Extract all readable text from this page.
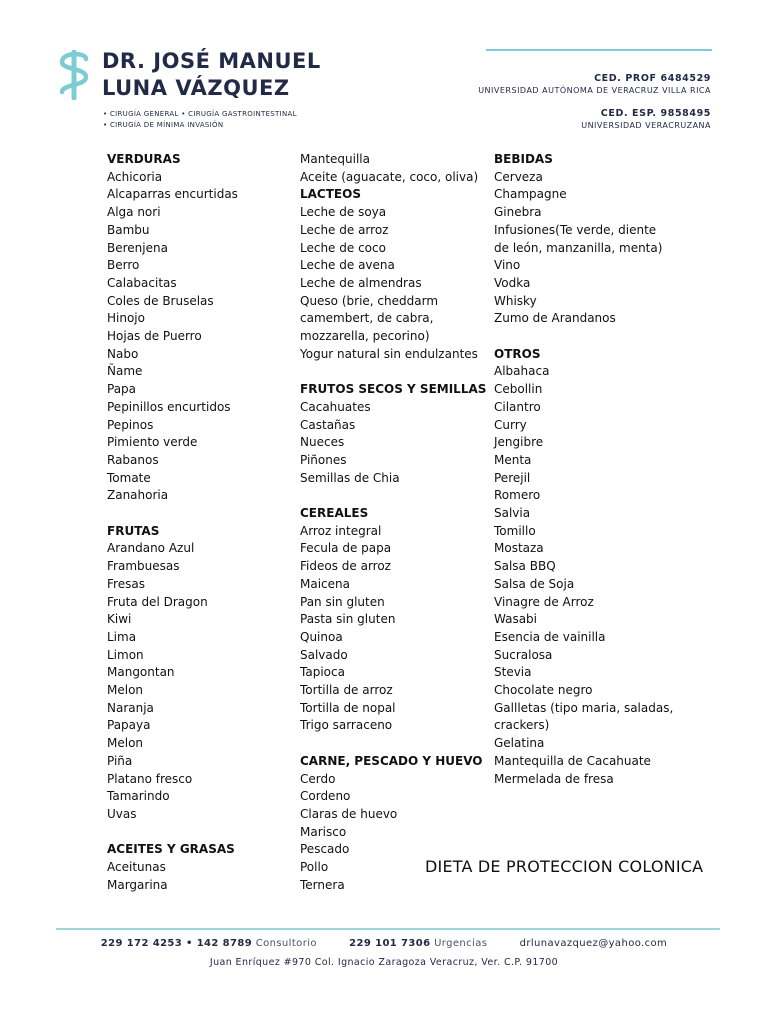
DR. JOSÉ MANUEL
LUNA VÁZQUEZ
• CIRUGÍA GENERAL • CIRUGÍA GASTROINTESTINAL
• CIRUGÍA DE MÍNIMA INVASIÓN
CED. PROF 6484529
UNIVERSIDAD AUTÓNOMA DE VERACRUZ VILLA RICA
CED. ESP. 9858495
UNIVERSIDAD VERACRUZANA
VERDURAS
Achicoria
Alcaparras encurtidas
Alga nori
Bambu
Berenjena
Berro
Calabacitas
Coles de Bruselas
Hinojo
Hojas de Puerro
Nabo
Ñame
Papa
Pepinillos encurtidos
Pepinos
Pimiento verde
Rabanos
Tomate
Zanahoria
FRUTAS
Arandano Azul
Frambuesas
Fresas
Fruta del Dragon
Kiwi
Lima
Limon
Mangontan
Melon
Naranja
Papaya
Melon
Piña
Platano fresco
Tamarindo
Uvas
ACEITES Y GRASAS
Aceitunas
Margarina
Mantequilla
Aceite (aguacate, coco, oliva)
LACTEOS
Leche de soya
Leche de arroz
Leche de coco
Leche de avena
Leche de almendras
Queso (brie, cheddarm
camembert, de cabra,
mozzarella, pecorino)
Yogur natural sin endulzantes
FRUTOS SECOS Y SEMILLAS
Cacahuates
Castañas
Nueces
Piñones
Semillas de Chia
CEREALES
Arroz integral
Fecula de papa
Fideos de arroz
Maicena
Pan sin gluten
Pasta sin gluten
Quinoa
Salvado
Tapioca
Tortilla de arroz
Tortilla de nopal
Trigo sarraceno
CARNE, PESCADO Y HUEVO
Cerdo
Cordeno
Claras de huevo
Marisco
Pescado
Pollo
Ternera
BEBIDAS
Cerveza
Champagne
Ginebra
Infusiones(Te verde, diente
de león, manzanilla, menta)
Vino
Vodka
Whisky
Zumo de Arandanos
OTROS
Albahaca
Cebollin
Cilantro
Curry
Jengibre
Menta
Perejil
Romero
Salvia
Tomillo
Mostaza
Salsa BBQ
Salsa de Soja
Vinagre de Arroz
Wasabi
Esencia de vainilla
Sucralosa
Stevia
Chocolate negro
Gallletas (tipo maria, saladas,
crackers)
Gelatina
Mantequilla de Cacahuate
Mermelada de fresa
DIETA DE PROTECCION COLONICA
229 172 4253 • 142 8789 Consultorio	229 101 7306 Urgencias	drlunavazquez@yahoo.com
Juan Enríquez #970 Col. Ignacio Zaragoza Veracruz, Ver. C.P. 91700
